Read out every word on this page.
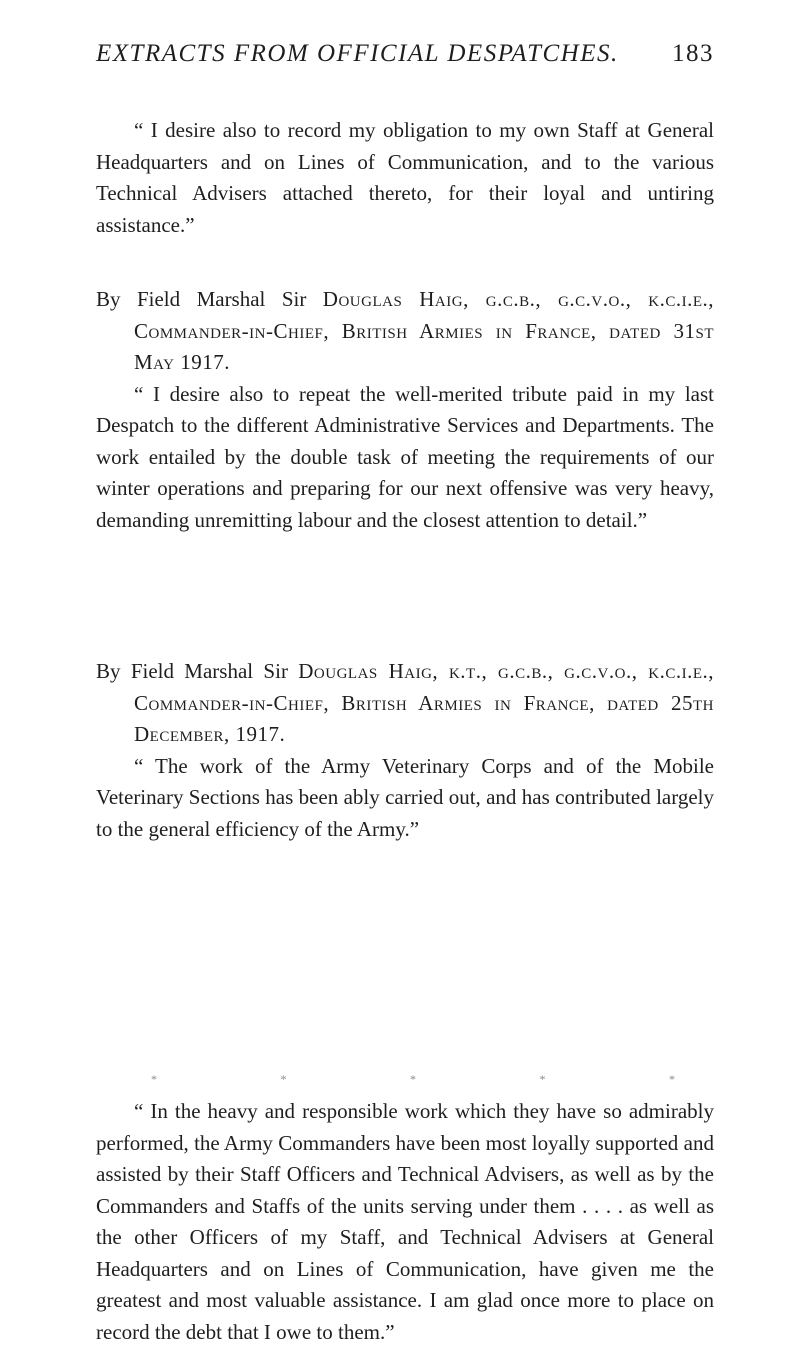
EXTRACTS FROM OFFICIAL DESPATCHES. 183

“ I desire also to record my obligation to my own Staff at General Headquarters and on Lines of Communication, and to the various Technical Advisers attached thereto, for their loyal and untiring assistance.”

By Field Marshal Sir Douglas Haig, g.c.b., g.c.v.o., k.c.i.e., Commander-in-Chief, British Armies in France, dated 31st May 1917.

“ I desire also to repeat the well-merited tribute paid in my last Despatch to the different Administrative Services and Departments. The work entailed by the double task of meeting the requirements of our winter operations and preparing for our next offensive was very heavy, demanding unremitting labour and the closest attention to detail.”

By Field Marshal Sir Douglas Haig, k.t., g.c.b., g.c.v.o., k.c.i.e., Commander-in-Chief, British Armies in France, dated 25th December, 1917.

“ The work of the Army Veterinary Corps and of the Mobile Veterinary Sections has been ably carried out, and has contributed largely to the general efficiency of the Army.”

*	*	*	*	*

“ In the heavy and responsible work which they have so admirably performed, the Army Commanders have been most loyally supported and assisted by their Staff Officers and Technical Advisers, as well as by the Commanders and Staffs of the units serving under them . . . . as well as the other Officers of my Staff, and Technical Advisers at General Headquarters and on Lines of Communication, have given me the greatest and most valuable assistance. I am glad once more to place on record the debt that I owe to them.”
